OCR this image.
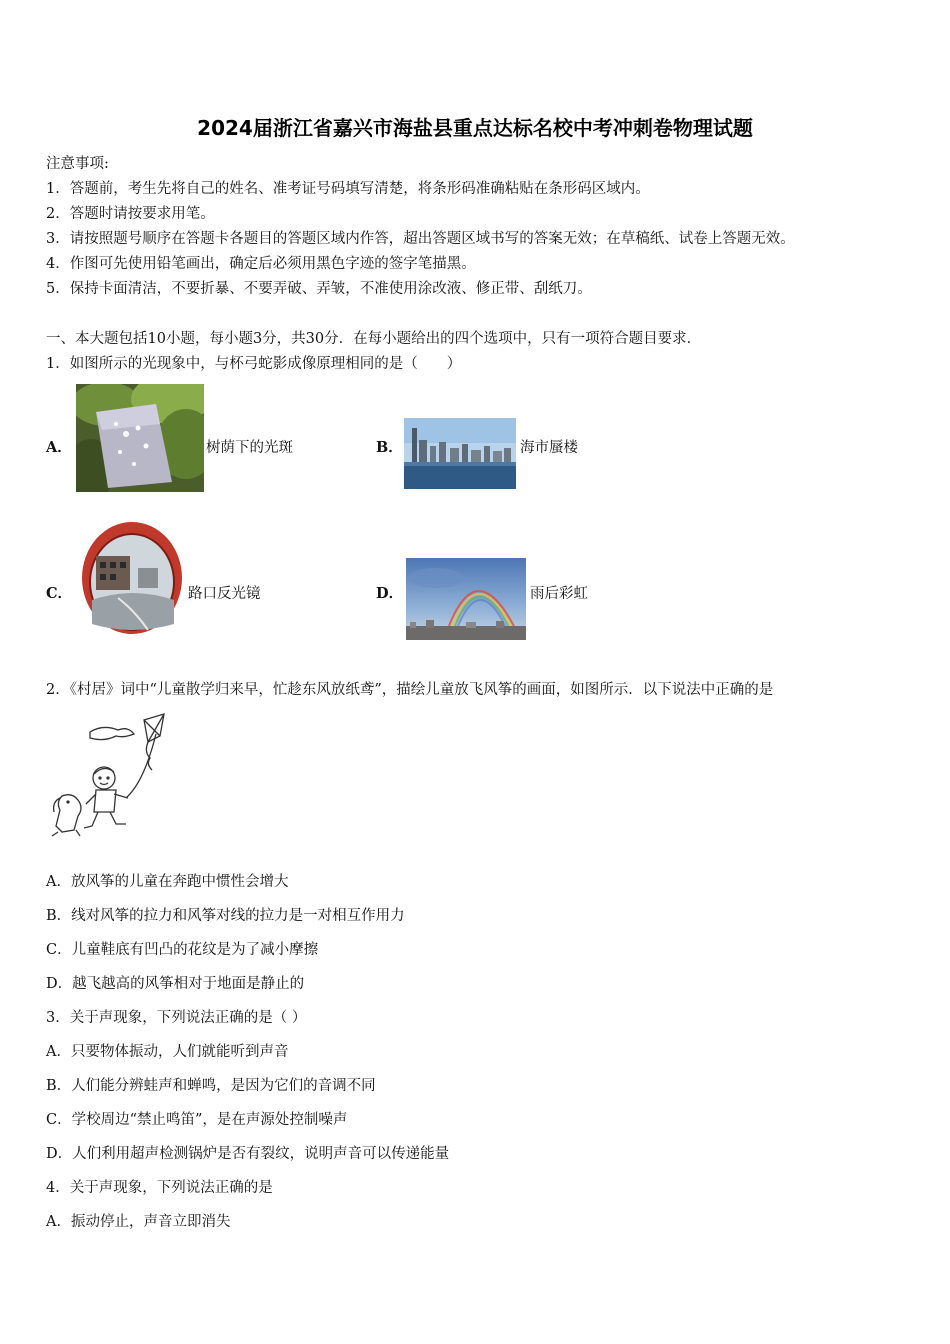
2024届浙江省嘉兴市海盐县重点达标名校中考冲刺卷物理试题
注意事项:
1．答题前，考生先将自己的姓名、准考证号码填写清楚，将条形码准确粘贴在条形码区域内。
2．答题时请按要求用笔。
3．请按照题号顺序在答题卡各题目的答题区域内作答，超出答题区域书写的答案无效；在草稿纸、试卷上答题无效。
4．作图可先使用铅笔画出，确定后必须用黑色字迹的签字笔描黑。
5．保持卡面清洁，不要折暴、不要弄破、弄皱，不准使用涂改液、修正带、刮纸刀。
一、本大题包括10小题，每小题3分，共30分．在每小题给出的四个选项中，只有一项符合题目要求．
1．如图所示的光现象中，与杯弓蛇影成像原理相同的是（　　）
A．	树荫下的光斑	B．	海市蜃楼
C．	路口反光镜	D．	雨后彩虹
2．《村居》词中“儿童散学归来早，忙趁东风放纸鸢”，描绘儿童放飞风筝的画面，如图所示．以下说法中正确的是
A．放风筝的儿童在奔跑中惯性会增大
B．线对风筝的拉力和风筝对线的拉力是一对相互作用力
C．儿童鞋底有凹凸的花纹是为了减小摩擦
D．越飞越高的风筝相对于地面是静止的
3．关于声现象，下列说法正确的是（ ）
A．只要物体振动，人们就能听到声音
B．人们能分辨蛙声和蝉鸣，是因为它们的音调不同
C．学校周边“禁止鸣笛”，是在声源处控制噪声
D．人们利用超声检测锅炉是否有裂纹，说明声音可以传递能量
4．关于声现象，下列说法正确的是
A．振动停止，声音立即消失
